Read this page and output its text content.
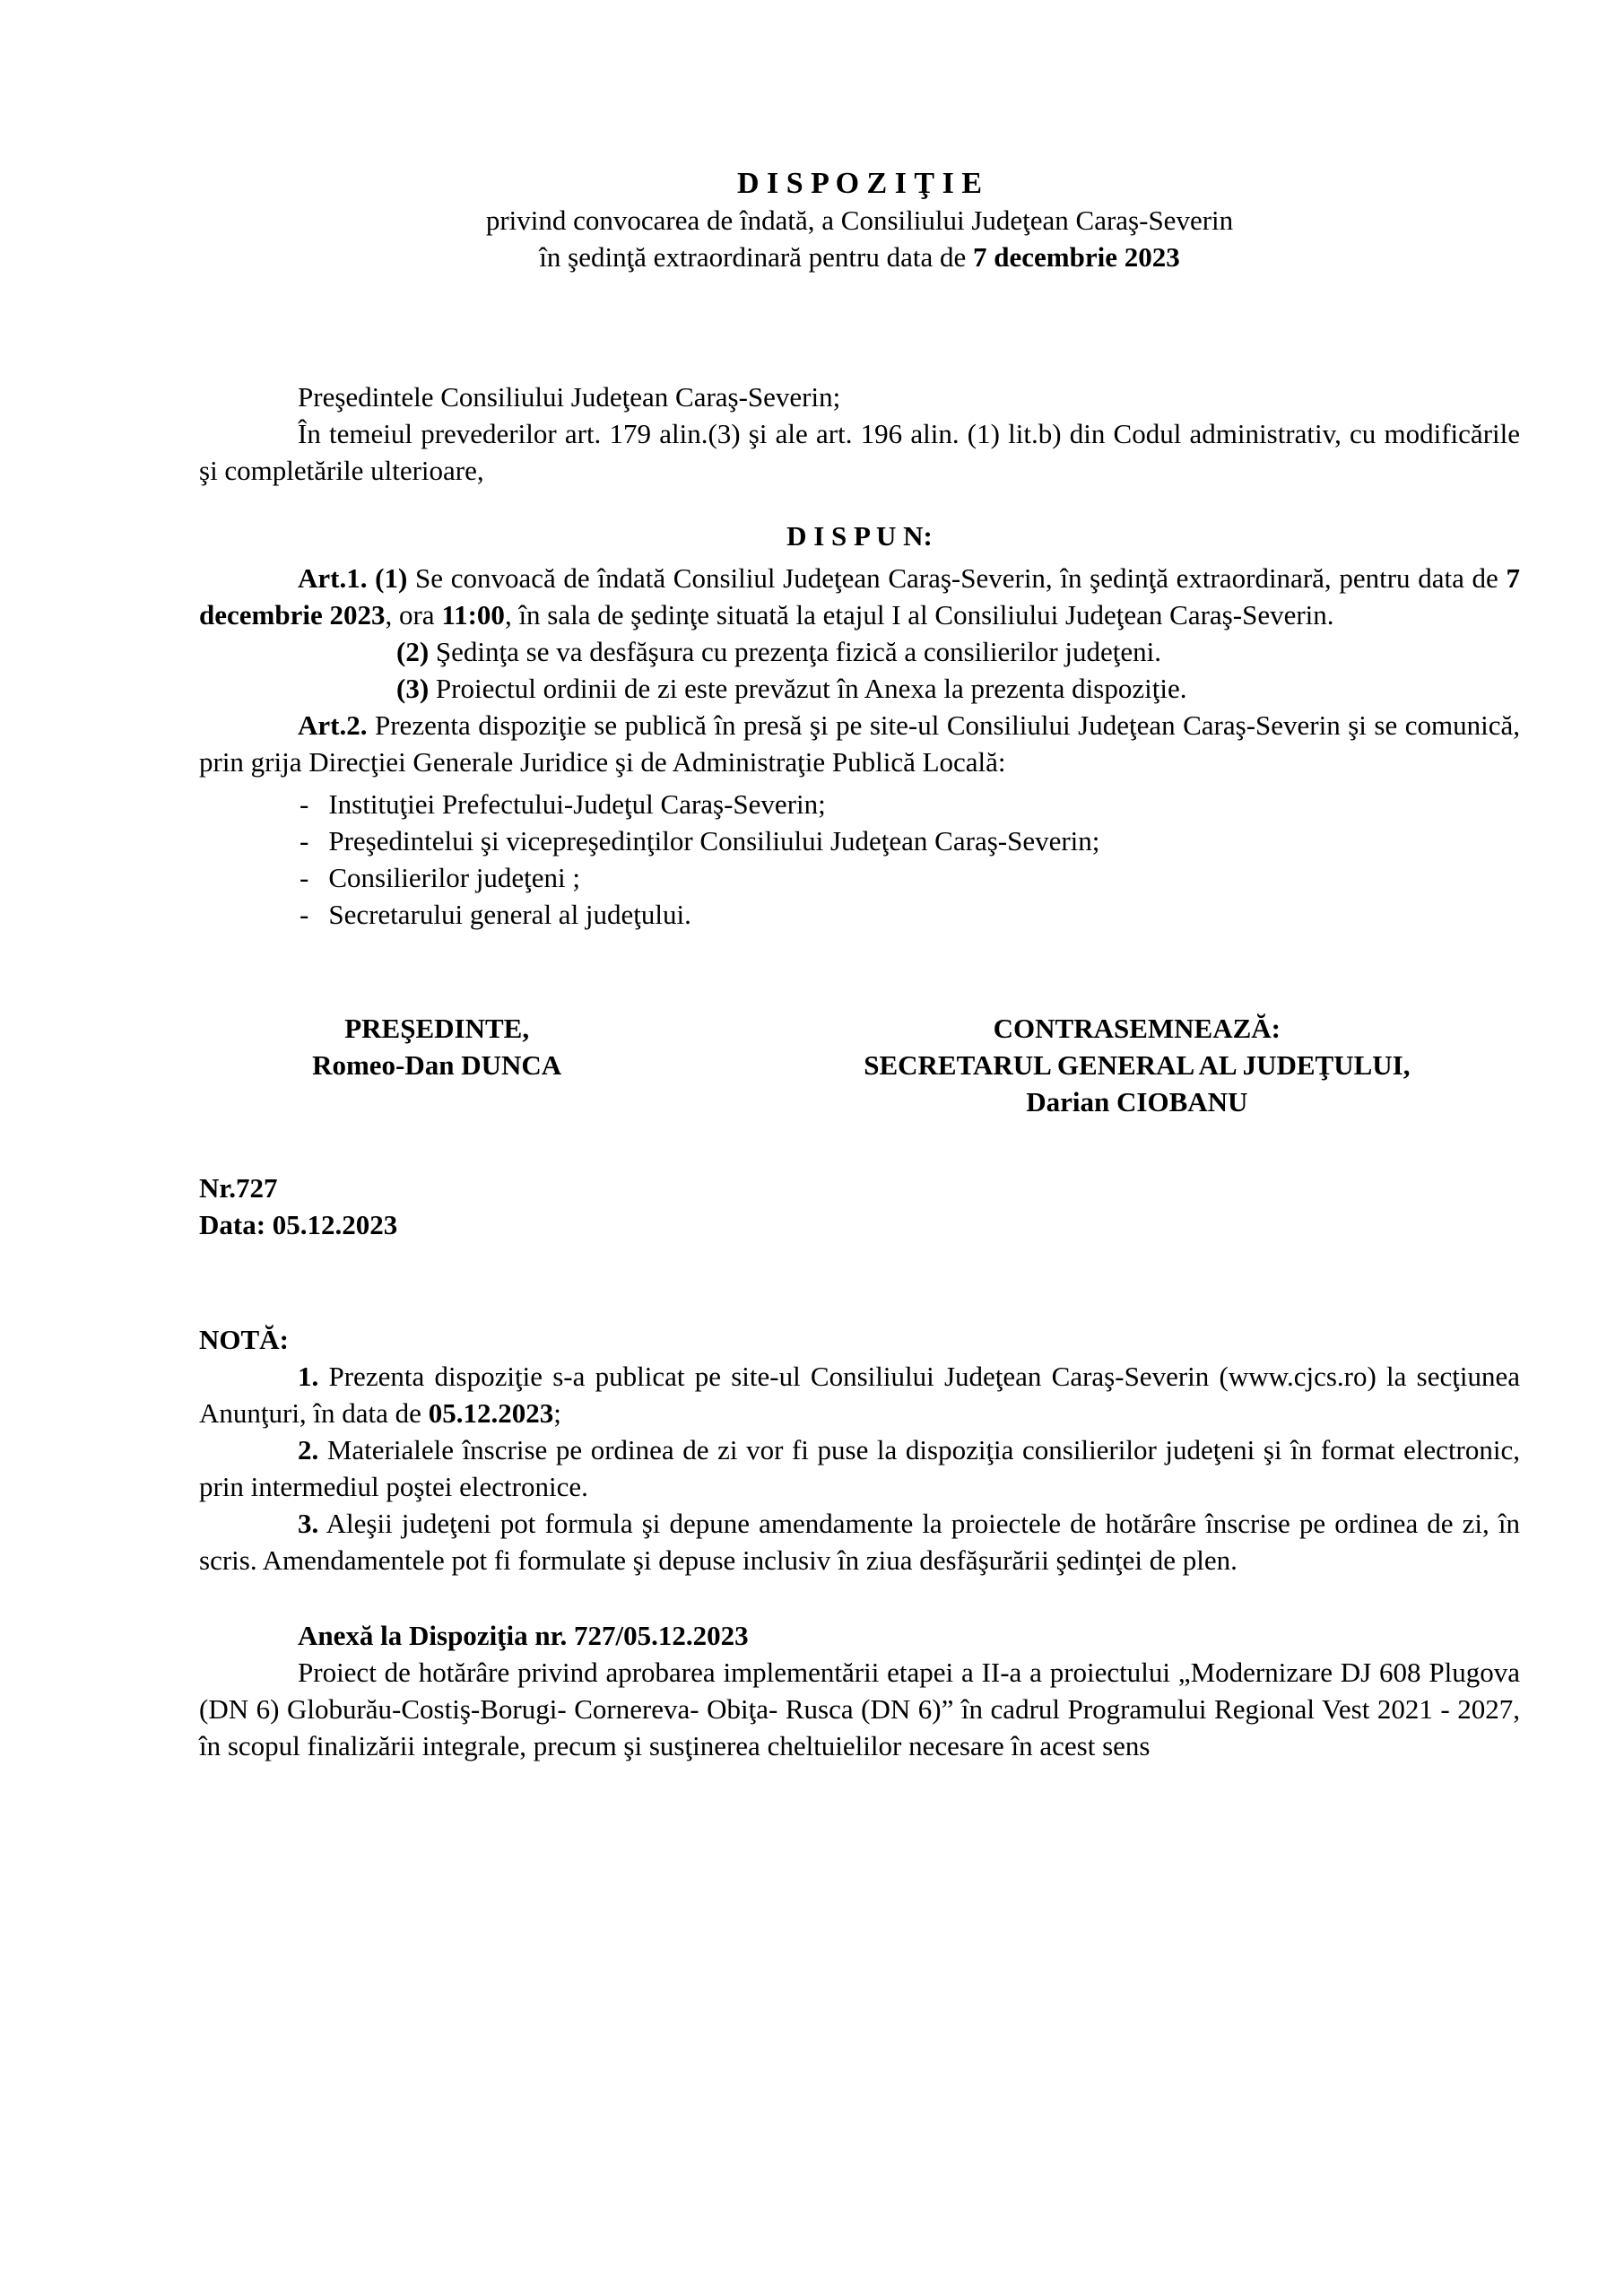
D I S P O Z I Ţ I E

privind convocarea de îndată, a Consiliului Judeţean Caraş-Severin

în şedinţă extraordinară pentru data de 7 decembrie 2023

Preşedintele Consiliului Judeţean Caraş-Severin;

În temeiul prevederilor art. 179 alin.(3) şi ale art. 196 alin. (1) lit.b) din Codul administrativ, cu modificările şi completările ulterioare,

D I S P U N:

Art.1. (1) Se convoacă de îndată Consiliul Judeţean Caraş-Severin, în şedinţă extraordinară, pentru data de 7 decembrie 2023, ora 11:00, în sala de şedinţe situată la etajul I al Consiliului Judeţean Caraş-Severin.

(2) Şedinţa se va desfăşura cu prezenţa fizică a consilierilor judeţeni.

(3) Proiectul ordinii de zi este prevăzut în Anexa la prezenta dispoziţie.

Art.2. Prezenta dispoziţie se publică în presă şi pe site-ul Consiliului Judeţean Caraş-Severin şi se comunică, prin grija Direcţiei Generale Juridice şi de Administraţie Publică Locală:

- Instituţiei Prefectului-Judeţul Caraş-Severin;

- Preşedintelui şi vicepreşedinţilor Consiliului Judeţean Caraş-Severin;

- Consilierilor judeţeni ;

- Secretarului general al judeţului.

PREŞEDINTE,

Romeo-Dan DUNCA

CONTRASEMNEAZĂ:

SECRETARUL GENERAL AL JUDEŢULUI,

Darian CIOBANU

Nr.727

Data: 05.12.2023

NOTĂ:

1. Prezenta dispoziţie s-a publicat pe site-ul Consiliului Judeţean Caraş-Severin (www.cjcs.ro) la secţiunea Anunţuri, în data de 05.12.2023;

2. Materialele înscrise pe ordinea de zi vor fi puse la dispoziţia consilierilor judeţeni şi în format electronic, prin intermediul poştei electronice.

3. Aleşii judeţeni pot formula şi depune amendamente la proiectele de hotărâre înscrise pe ordinea de zi, în scris. Amendamentele pot fi formulate şi depuse inclusiv în ziua desfăşurării şedinţei de plen.

Anexă la Dispoziţia nr. 727/05.12.2023

Proiect de hotărâre privind aprobarea implementării etapei a II-a a proiectului „Modernizare DJ 608 Plugova (DN 6) Globurău-Costiş-Borugi- Cornereva- Obiţa- Rusca (DN 6)” în cadrul Programului Regional Vest 2021 - 2027, în scopul finalizării integrale, precum şi susţinerea cheltuielilor necesare în acest sens
